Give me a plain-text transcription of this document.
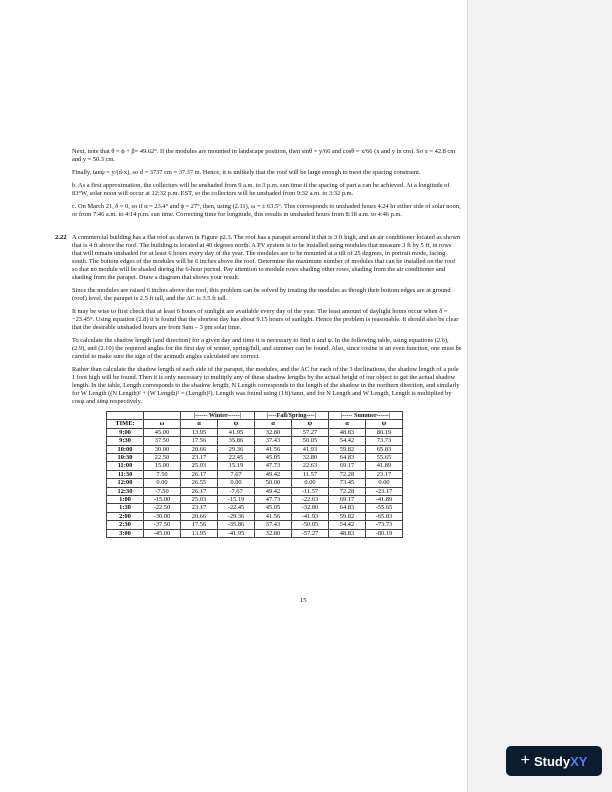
Next, note that θ = ϕ + β= 49.62°. If the modules are mounted in landscape position, then sinθ = y/66 and cosθ = x/66 (x and y in cm). So x = 42.8 cm and y = 50.3 cm.

Finally, tanψ = y/(d-x), so d = 3737 cm = 37.37 m. Hence, it is unlikely that the roof will be large enough to meet the spacing constraint.

b. As a first approximation, the collectors will be unshaded from 9 a.m. to 3 p.m. sun time if the spacing of part a can be achieved. At a longitude of 83°W, solar noon will occur at 12:32 p.m. EST, so the collectors will be unshaded from 9:32 a.m. to 3:32 p.m.

c. On March 21, δ = 0, so if α = 23.4° and ϕ = 27°, then, using (2.11), ω = ± 63.5°. This corresponds to unshaded hours 4.24 hr either side of solar noon, or from 7:46 a.m. to 4:14 p.m. sun time. Correcting time for longitude, this results in unshaded hours from 8:18 a.m. to 4:46 p.m.

2.22 A commercial building has a flat roof as shown in Figure p2.3. The roof has a parapet around it that is 3 ft high, and an air conditioner located as shown that is 4 ft above the roof. The building is located at 40 degrees north. A PV system is to be installed using modules that measure 3 ft by 5 ft, in rows that will remain unshaded for at least 6 hours every day of the year. The modules are to be mounted at a tilt of 25 degrees, in portrait mode, facing south. The bottom edges of the modules will be 6 inches above the roof. Determine the maximum number of modules that can be installed on the roof so that no module will be shaded during the 6-hour period. Pay attention to module rows shading other rows, shading from the air conditioner and shading from the parapet. Draw a diagram that shows your result.

Since the modules are raised 6 inches above the roof, this problem can be solved by treating the modules as though their bottom edges are at ground (roof) level, the parapet is 2.5 ft tall, and the AC is 3.5 ft tall.

It may be wise to first check that at least 6 hours of sunlight are available every day of the year. The least amount of daylight hours occur when δ = −23.45°. Using equation (2.8) it is found that the shortest day has about 9.15 hours of sunlight. Hence the problem is reasonable. It should also be clear that the desirable unshaded hours are from 9am – 3 pm solar time.

To calculate the shadow length (and direction) for a given day and time it is necessary to find α and ψ. In the following table, using equations (2.6), (2.9), and (2.10) the required angles for the first day of winter, spring/fall, and summer can be found. Also, since cosine is an even function, one must be careful to make sure the sign of the azimuth angles calculated are correct.

Rather than calculate the shadow length of each side of the parapet, the modules, and the AC for each of the 3 declinations, the shadow length of a pole 1 foot high will be found. Then it is only necessary to multiply any of these shadow lengths by the actual height of our object to get the actual shadow length. In the table, Length corresponds to the shadow length, N Length corresponds to the length of the shadow in the northern direction, and similarly for W Length ((N Length)² + (W Length)² = (Length)²). Length was found using (1ft)/tanα, and for N Length and W Length, Length is multiplied by cosψ and sinψ respectively.

		|------ Winter------|		|----Fall/Spring----|		|----- Summer------|	
TIME:	ω	α	ψ	α	ψ	α	ψ
9:00	45.00	13.95	41.95	32.80	57.27	48.83	80.19
9:30	37.50	17.56	35.86	37.43	50.05	54.42	73.73
10:00	30.00	20.66	29.36	41.56	41.93	59.82	65.83
10:30	22.50	23.17	22.45	45.05	32.80	64.83	55.65
11:00	15.00	25.03	15.19	47.73	22.63	69.17	41.89
11:30	7.50	26.17	7.67	49.42	11.57	72.28	23.17
12:00	0.00	26.55	0.00	50.00	0.00	73.45	0.00
12:30	-7.50	26.17	-7.67	49.42	-11.57	72.28	-23.17
1:00	-15.00	25.03	-15.19	47.73	-22.63	69.17	-41.89
1:30	-22.50	23.17	-22.45	45.05	-32.80	64.83	-55.65
2:00	-30.00	20.66	-29.36	41.56	-41.93	59.82	-65.83
2:30	-37.50	17.56	-35.86	37.43	-50.05	54.42	-73.73
3:00	-45.00	13.95	-41.95	32.80	-57.27	48.83	-80.19
15
+ Study XY
